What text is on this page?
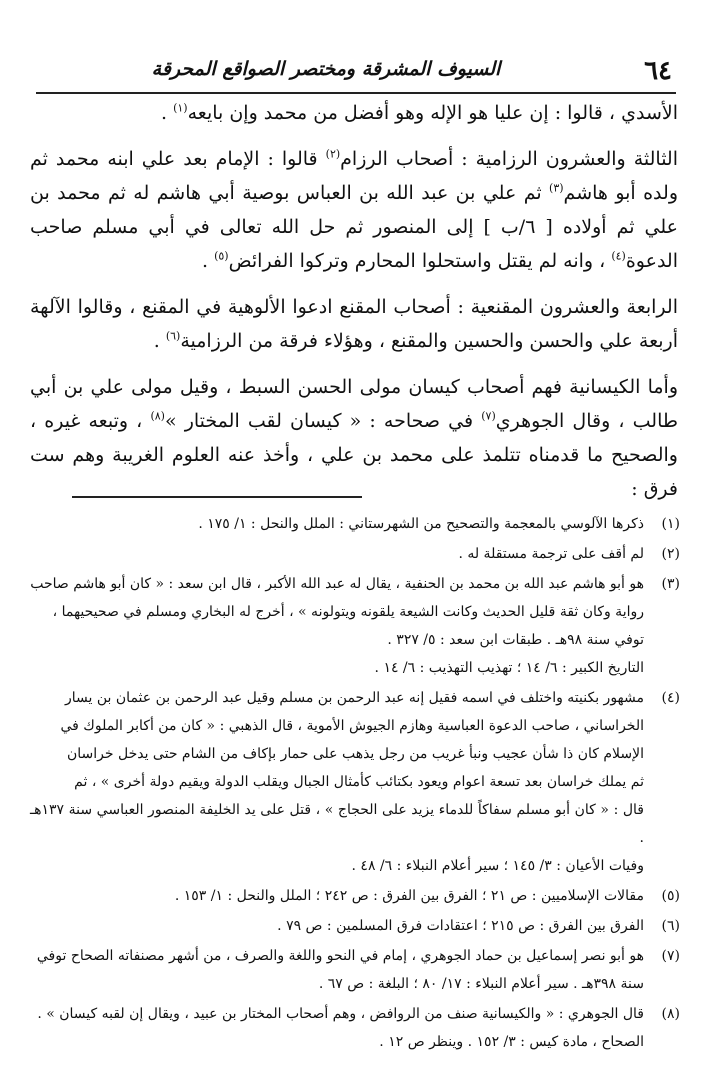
٦٤
السيوف المشرقة ومختصر الصواقع المحرقة

الأسدي ، قالوا : إن عليا هو الإله وهو أفضل من محمد وإن بايعه$^{(١)}$ .

الثالثة والعشرون الرزامية : أصحاب الرزام$^{(٢)}$ قالوا : الإمام بعد علي ابنه محمد ثم ولده أبو هاشم$^{(٣)}$ ثم علي بن عبد الله بن العباس بوصية أبي هاشم له ثم محمد بن علي ثم أولاده [ ٦/ب ] إلى المنصور ثم حل الله تعالى في أبي مسلم صاحب الدعوة$^{(٤)}$ ، وانه لم يقتل واستحلوا المحارم وتركوا الفرائض$^{(٥)}$ .

الرابعة والعشرون المقنعية : أصحاب المقنع ادعوا الألوهية في المقنع ، وقالوا الآلهة أربعة علي والحسن والحسين والمقنع ، وهؤلاء فرقة من الرزامية$^{(٦)}$ .

وأما الكيسانية فهم أصحاب كيسان مولى الحسن السبط ، وقيل مولى علي بن أبي طالب ، وقال الجوهري$^{(٧)}$ في صحاحه : « كيسان لقب المختار »$^{(٨)}$ ، وتبعه غيره ، والصحيح ما قدمناه تتلمذ على محمد بن علي ، وأخذ عنه العلوم الغريبة وهم ست فرق :

(١)
ذكرها الآلوسي بالمعجمة والتصحيح من الشهرستاني : الملل والنحل : ١/ ١٧٥ .
(٢)
لم أقف على ترجمة مستقلة له .
(٣)
هو أبو هاشم عبد الله بن محمد بن الحنفية ، يقال له عبد الله الأكبر ، قال ابن سعد : « كان أبو هاشم صاحب
رواية وكان ثقة قليل الحديث وكانت الشيعة يلقونه ويتولونه » ، أخرج له البخاري ومسلم في صحيحيهما ،
توفي سنة ٩٨هـ . طبقات ابن سعد : ٥/ ٣٢٧ .
التاريخ الكبير : ٦/ ١٤ ؛ تهذيب التهذيب : ٦/ ١٤ .
(٤)
مشهور بكنيته واختلف في اسمه فقيل إنه عبد الرحمن بن مسلم وقيل عبد الرحمن بن عثمان بن يسار
الخراساني ، صاحب الدعوة العباسية وهازم الجيوش الأموية ، قال الذهبي : « كان من أكابر الملوك في
الإسلام كان ذا شأن عجيب ونبأ غريب من رجل يذهب على حمار بإكاف من الشام حتى يدخل خراسان
ثم يملك خراسان بعد تسعة اعوام ويعود بكتائب كأمثال الجبال ويقلب الدولة ويقيم دولة أخرى » ، ثم
قال : « كان أبو مسلم سفاكاً للدماء يزيد على الحجاج » ، قتل على يد الخليفة المنصور العباسي سنة ١٣٧هـ .
وفيات الأعيان : ٣/ ١٤٥ ؛ سير أعلام النبلاء : ٦/ ٤٨ .
(٥)
مقالات الإسلاميين : ص ٢١ ؛ الفرق بين الفرق : ص ٢٤٢ ؛ الملل والنحل : ١/ ١٥٣ .
(٦)
الفرق بين الفرق : ص ٢١٥ ؛ اعتقادات فرق المسلمين : ص ٧٩ .
(٧)
هو أبو نصر إسماعيل بن حماد الجوهري ، إمام في النحو واللغة والصرف ، من أشهر مصنفاته الصحاح توفي
سنة ٣٩٨هـ . سير أعلام النبلاء : ١٧/ ٨٠ ؛ البلغة : ص ٦٧ .
(٨)
قال الجوهري : « والكيسانية صنف من الروافض ، وهم أصحاب المختار بن عبيد ، ويقال إن لقبه كيسان » .
الصحاح ، مادة كيس : ٣/ ١٥٢ . وينظر ص ١٢ .
